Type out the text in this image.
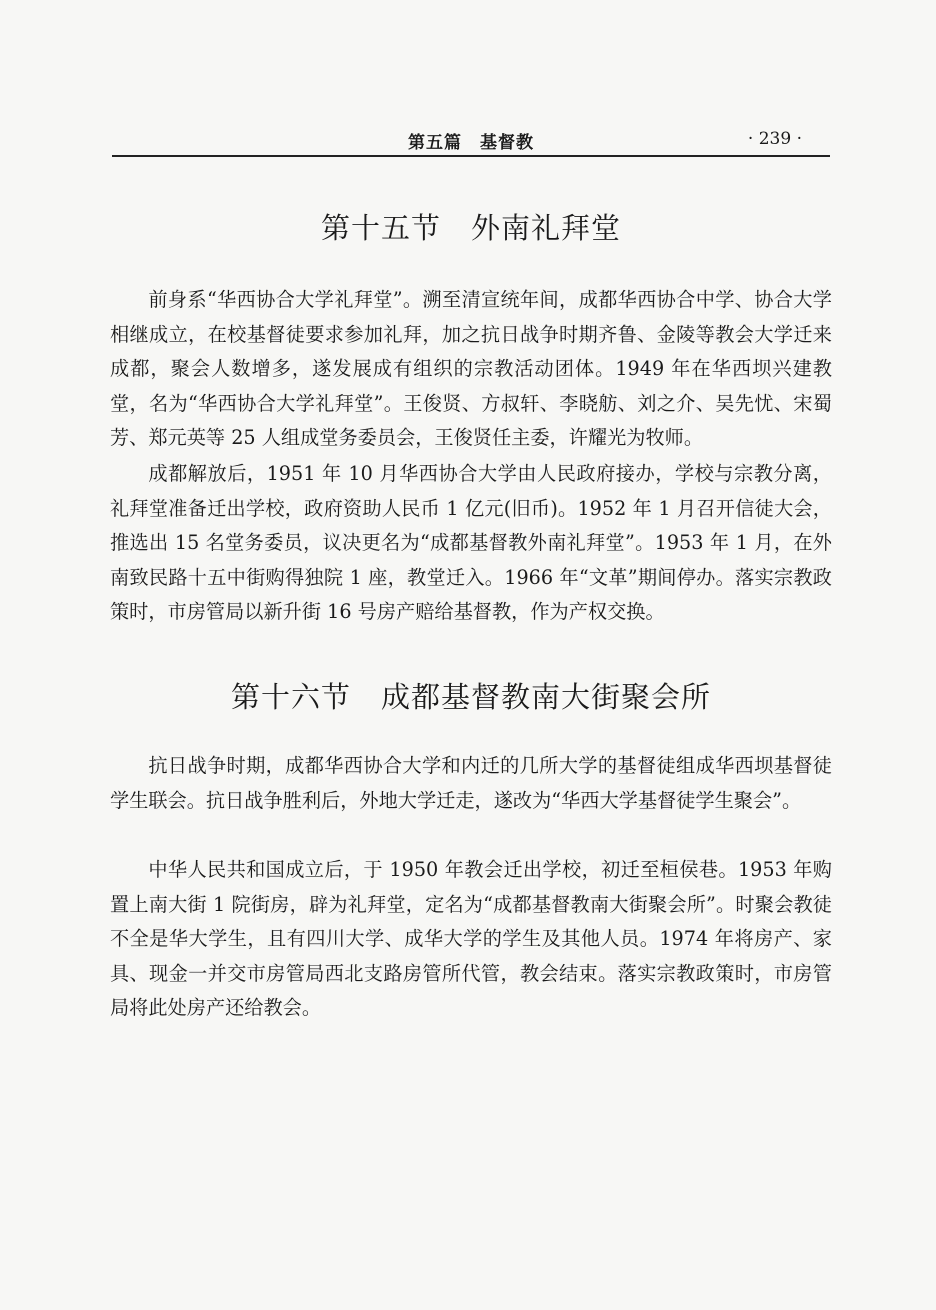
第五篇 基督教	· 239 ·
第十五节 外南礼拜堂

前身系“华西协合大学礼拜堂”。溯至清宣统年间，成都华西协合中学、协合大学相继成立，在校基督徒要求参加礼拜，加之抗日战争时期齐鲁、金陵等教会大学迁来成都，聚会人数增多，遂发展成有组织的宗教活动团体。1949 年在华西坝兴建教堂，名为“华西协合大学礼拜堂”。王俊贤、方叔轩、李晓舫、刘之介、吴先忧、宋蜀芳、郑元英等 25 人组成堂务委员会，王俊贤任主委，许耀光为牧师。

成都解放后，1951 年 10 月华西协合大学由人民政府接办，学校与宗教分离，礼拜堂准备迁出学校，政府资助人民币 1 亿元(旧币)。1952 年 1 月召开信徒大会，推选出 15 名堂务委员，议决更名为“成都基督教外南礼拜堂”。1953 年 1 月，在外南致民路十五中街购得独院 1 座，教堂迁入。1966 年“文革”期间停办。落实宗教政策时，市房管局以新升街 16 号房产赔给基督教，作为产权交换。

第十六节 成都基督教南大街聚会所

抗日战争时期，成都华西协合大学和内迁的几所大学的基督徒组成华西坝基督徒学生联会。抗日战争胜利后，外地大学迁走，遂改为“华西大学基督徒学生聚会”。

中华人民共和国成立后，于 1950 年教会迁出学校，初迁至桓侯巷。1953 年购置上南大街 1 院街房，辟为礼拜堂，定名为“成都基督教南大街聚会所”。时聚会教徒不全是华大学生，且有四川大学、成华大学的学生及其他人员。1974 年将房产、家具、现金一并交市房管局西北支路房管所代管，教会结束。落实宗教政策时，市房管局将此处房产还给教会。
